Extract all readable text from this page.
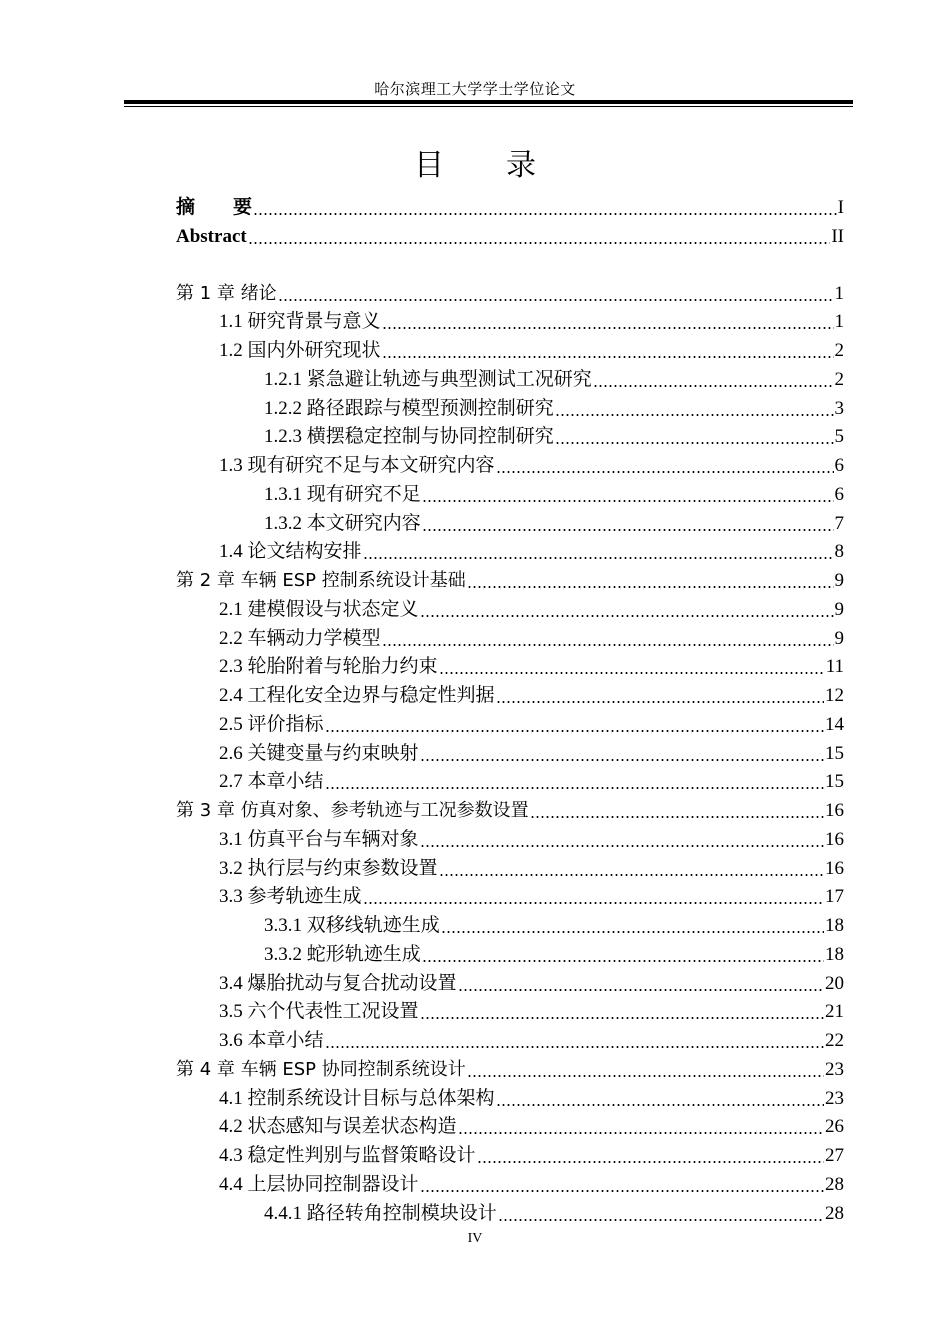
哈尔滨理工大学学士学位论文
目录
摘　　要	I
Abstract	II
第 1 章 绪论	1
1.1 研究背景与意义	1
1.2 国内外研究现状	2
1.2.1 紧急避让轨迹与典型测试工况研究	2
1.2.2 路径跟踪与模型预测控制研究	3
1.2.3 横摆稳定控制与协同控制研究	5
1.3 现有研究不足与本文研究内容	6
1.3.1 现有研究不足	6
1.3.2 本文研究内容	7
1.4 论文结构安排	8
第 2 章 车辆 ESP 控制系统设计基础	9
2.1 建模假设与状态定义	9
2.2 车辆动力学模型	9
2.3 轮胎附着与轮胎力约束	11
2.4 工程化安全边界与稳定性判据	12
2.5 评价指标	14
2.6 关键变量与约束映射	15
2.7 本章小结	15
第 3 章 仿真对象、参考轨迹与工况参数设置	16
3.1 仿真平台与车辆对象	16
3.2 执行层与约束参数设置	16
3.3 参考轨迹生成	17
3.3.1 双移线轨迹生成	18
3.3.2 蛇形轨迹生成	18
3.4 爆胎扰动与复合扰动设置	20
3.5 六个代表性工况设置	21
3.6 本章小结	22
第 4 章 车辆 ESP 协同控制系统设计	23
4.1 控制系统设计目标与总体架构	23
4.2 状态感知与误差状态构造	26
4.3 稳定性判别与监督策略设计	27
4.4 上层协同控制器设计	28
4.4.1 路径转角控制模块设计	28
IV
